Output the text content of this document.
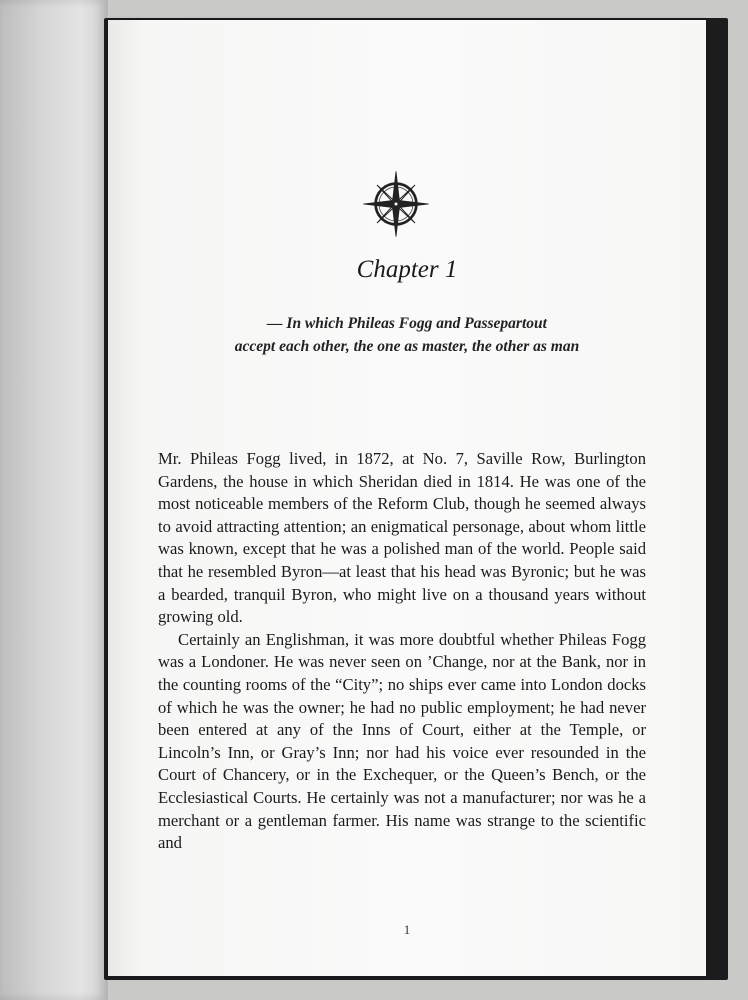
Chapter 1
— In which Phileas Fogg and Passepartout
accept each other, the one as master, the other as man

Mr. Phileas Fogg lived, in 1872, at No. 7, Saville Row, Burlington Gardens, the house in which Sheridan died in 1814. He was one of the most noticeable members of the Reform Club, though he seemed always to avoid attracting attention; an enigmatical personage, about whom little was known, except that he was a polished man of the world. People said that he resembled Byron—at least that his head was Byronic; but he was a bearded, tranquil Byron, who might live on a thousand years without growing old.

Certainly an Englishman, it was more doubtful whether Phileas Fogg was a Londoner. He was never seen on ’Change, nor at the Bank, nor in the counting rooms of the “City”; no ships ever came into London docks of which he was the owner; he had no public employment; he had never been entered at any of the Inns of Court, either at the Temple, or Lincoln’s Inn, or Gray’s Inn; nor had his voice ever resounded in the Court of Chancery, or in the Exchequer, or the Queen’s Bench, or the Ecclesiastical Courts. He certainly was not a manufacturer; nor was he a merchant or a gentleman farmer. His name was strange to the scientific and

1
